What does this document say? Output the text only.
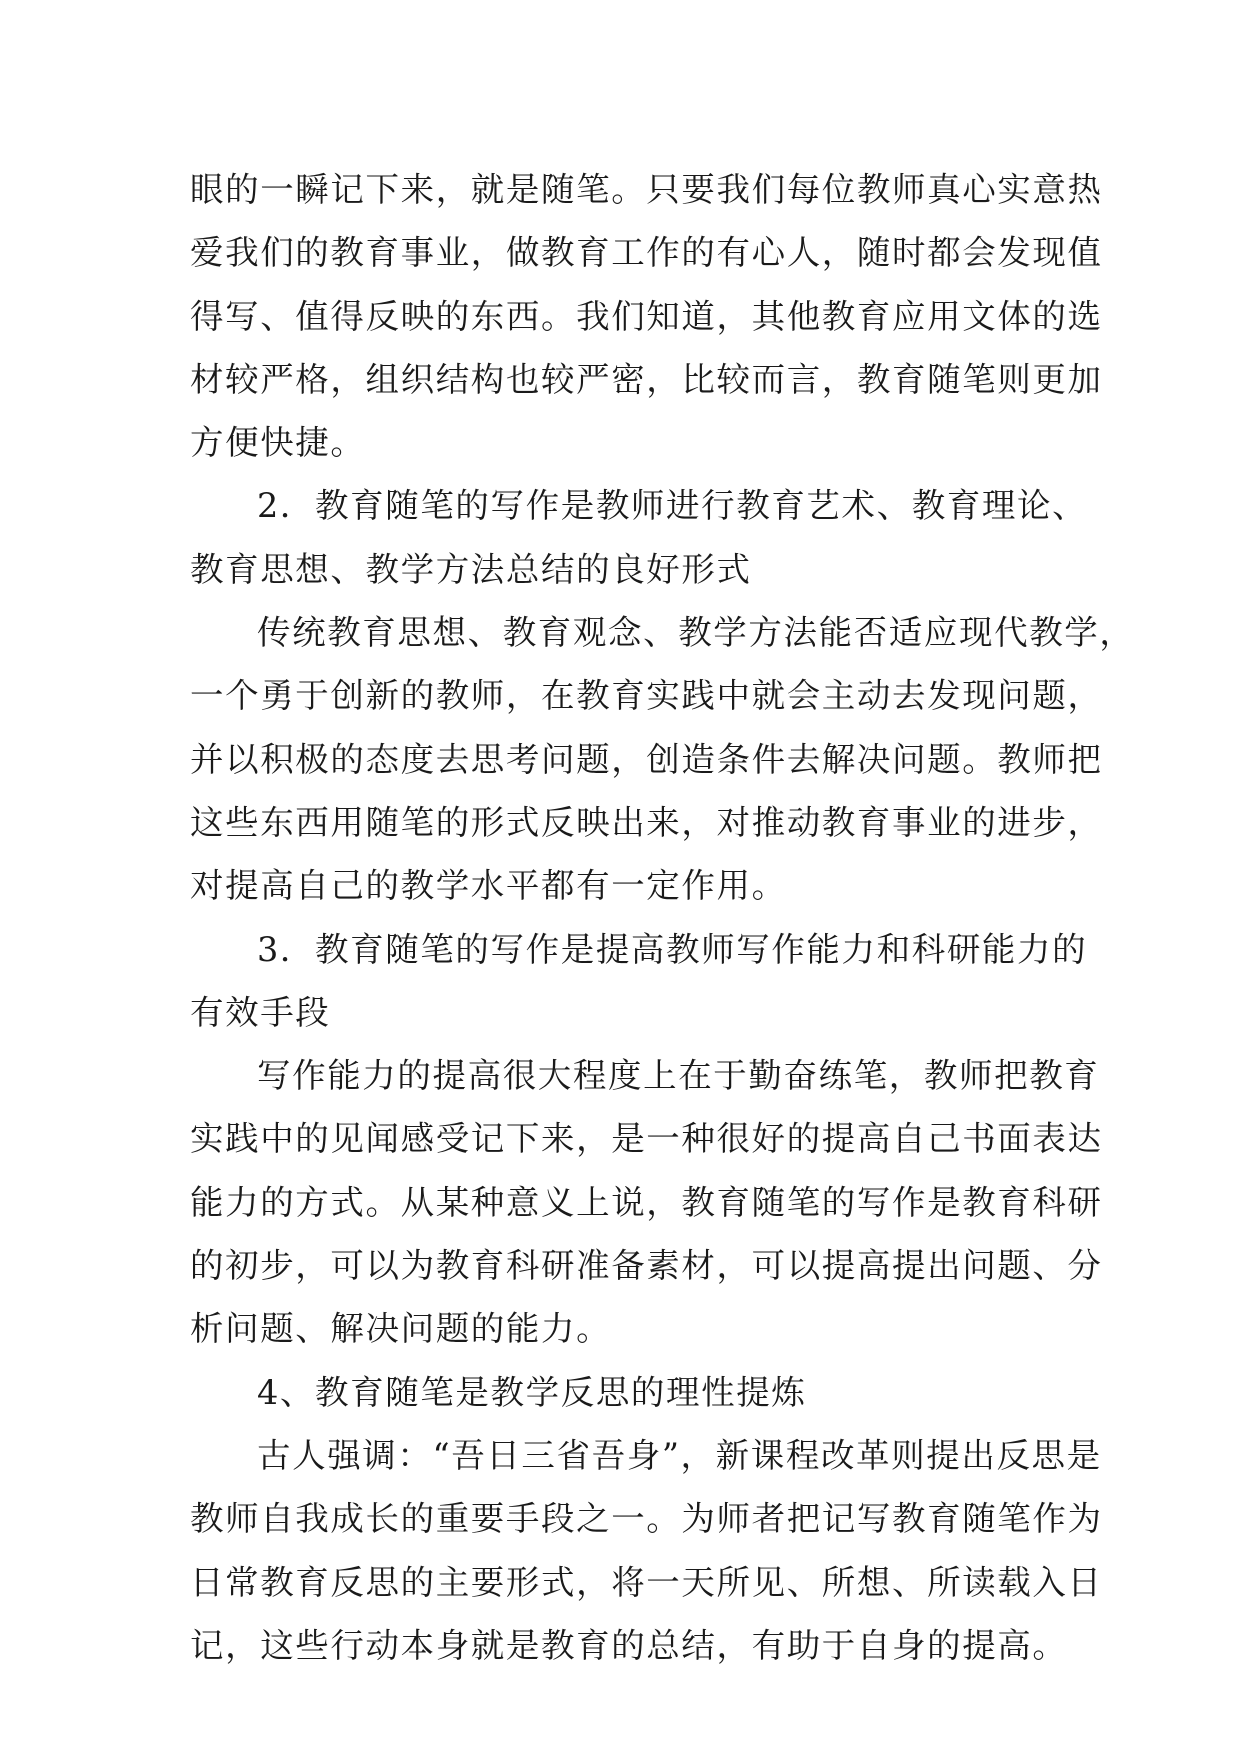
眼的一瞬记下来，就是随笔。只要我们每位教师真心实意热
爱我们的教育事业，做教育工作的有心人，随时都会发现值
得写、值得反映的东西。我们知道，其他教育应用文体的选
材较严格，组织结构也较严密，比较而言，教育随笔则更加
方便快捷。
2．教育随笔的写作是教师进行教育艺术、教育理论、
教育思想、教学方法总结的良好形式
传统教育思想、教育观念、教学方法能否适应现代教学，
一个勇于创新的教师，在教育实践中就会主动去发现问题，
并以积极的态度去思考问题，创造条件去解决问题。教师把
这些东西用随笔的形式反映出来，对推动教育事业的进步，
对提高自己的教学水平都有一定作用。
3．教育随笔的写作是提高教师写作能力和科研能力的
有效手段
写作能力的提高很大程度上在于勤奋练笔，教师把教育
实践中的见闻感受记下来，是一种很好的提高自己书面表达
能力的方式。从某种意义上说，教育随笔的写作是教育科研
的初步，可以为教育科研准备素材，可以提高提出问题、分
析问题、解决问题的能力。
4、教育随笔是教学反思的理性提炼
古人强调：“吾日三省吾身”，新课程改革则提出反思是
教师自我成长的重要手段之一。为师者把记写教育随笔作为
日常教育反思的主要形式，将一天所见、所想、所读载入日
记，这些行动本身就是教育的总结，有助于自身的提高。
